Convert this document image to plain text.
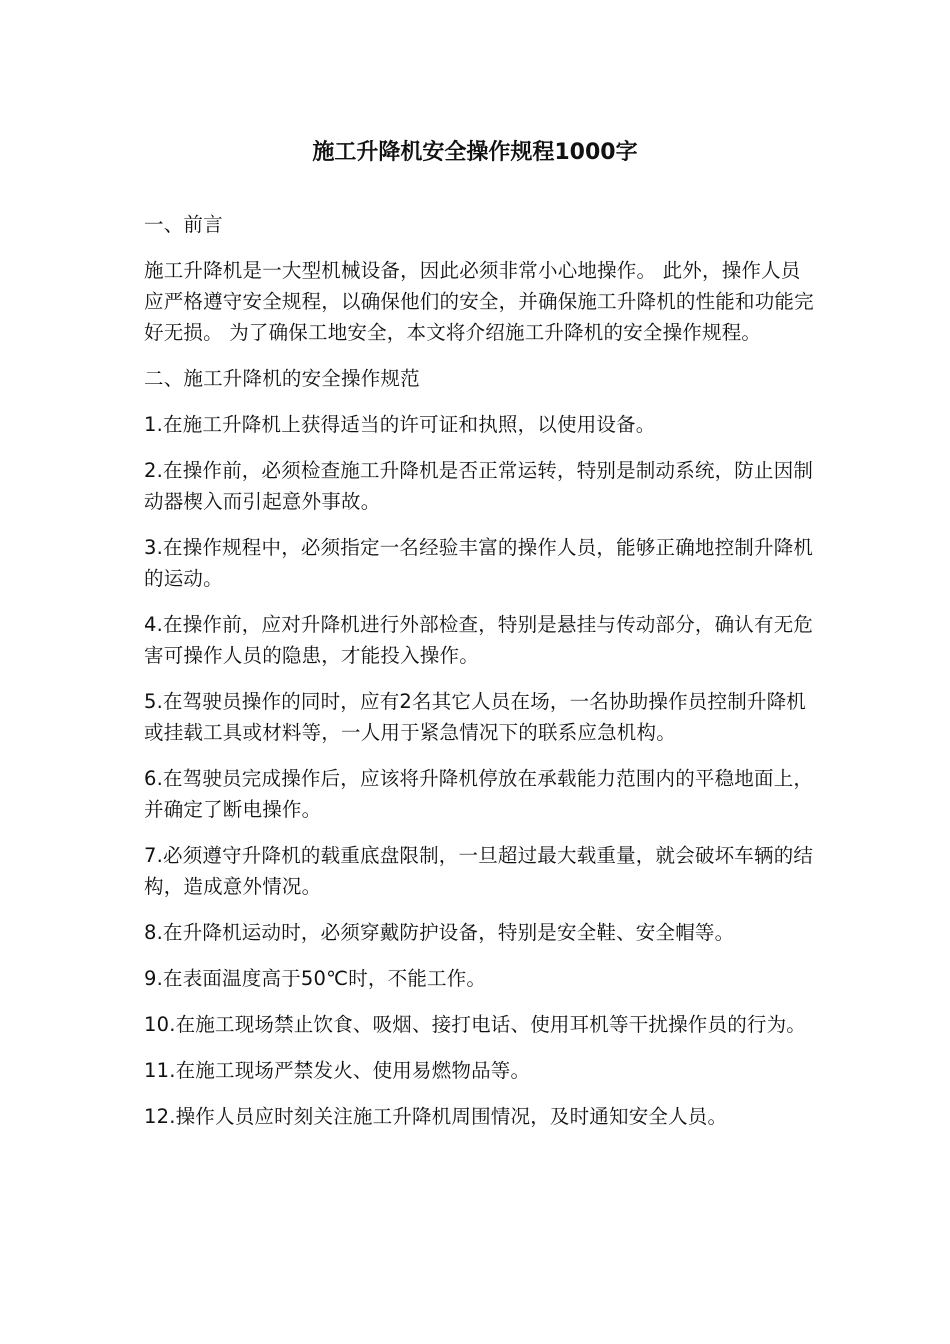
施工升降机安全操作规程1000字

一、前言

施工升降机是一大型机械设备，因此必须非常小心地操作。 此外，操作人员应严格遵守安全规程，以确保他们的安全，并确保施工升降机的性能和功能完好无损。 为了确保工地安全，本文将介绍施工升降机的安全操作规程。

二、施工升降机的安全操作规范

1.在施工升降机上获得适当的许可证和执照，以使用设备。

2.在操作前，必须检查施工升降机是否正常运转，特别是制动系统，防止因制动器楔入而引起意外事故。

3.在操作规程中，必须指定一名经验丰富的操作人员，能够正确地控制升降机的运动。

4.在操作前，应对升降机进行外部检查，特别是悬挂与传动部分，确认有无危害可操作人员的隐患，才能投入操作。

5.在驾驶员操作的同时，应有2名其它人员在场，一名协助操作员控制升降机或挂载工具或材料等，一人用于紧急情况下的联系应急机构。

6.在驾驶员完成操作后，应该将升降机停放在承载能力范围内的平稳地面上，并确定了断电操作。

7.必须遵守升降机的载重底盘限制，一旦超过最大载重量，就会破坏车辆的结构，造成意外情况。

8.在升降机运动时，必须穿戴防护设备，特别是安全鞋、安全帽等。

9.在表面温度高于50℃时，不能工作。

10.在施工现场禁止饮食、吸烟、接打电话、使用耳机等干扰操作员的行为。

11.在施工现场严禁发火、使用易燃物品等。

12.操作人员应时刻关注施工升降机周围情况，及时通知安全人员。
